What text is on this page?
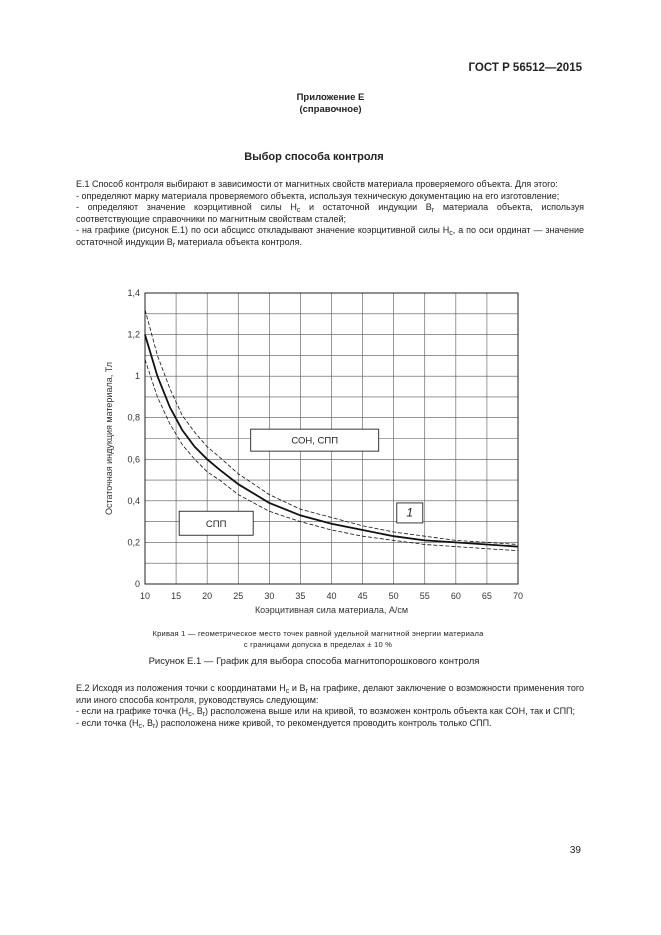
ГОСТ Р 56512—2015
Приложение Е
(справочное)
Выбор способа контроля

Е.1 Способ контроля выбирают в зависимости от магнитных свойств материала проверяемого объекта. Для этого:

- определяют марку материала проверяемого объекта, используя техническую документацию на его изготовление;

- определяют значение коэрцитивной силы $H_c$ и остаточной индукции $B_r$ материала объекта, используя соответствующие справочники по магнитным свойствам сталей;

- на графике (рисунок Е.1) по оси абсцисс откладывают значение коэрцитивной силы $H_c$, а по оси ординат — значение остаточной индукции $B_r$ материала объекта контроля.

10 15 20 25 30 35 40 45 50 55 60 65 70
0
0,2
0,4
0,6
0,8
1
1,2
1,4
Коэрцитивная сила материала, А/см
Остаточная индукция материала, Тл	СОН, СПП
СПП
1
Кривая 1 — геометрическое место точек равной удельной магнитной энергии материала
с границами допуска в пределах ± 10 %
Рисунок Е.1 — График для выбора способа магнитопорошкового контроля

Е.2 Исходя из положения точки с координатами $H_c$ и $B_r$ на графике, делают заключение о возможности применения того или иного способа контроля, руководствуясь следующим:

- если на графике точка ($H_c$, $B_r$) расположена выше или на кривой, то возможен контроль объекта как СОН, так и СПП;

- если точка ($H_c$, $B_r$) расположена ниже кривой, то рекомендуется проводить контроль только СПП.

39
